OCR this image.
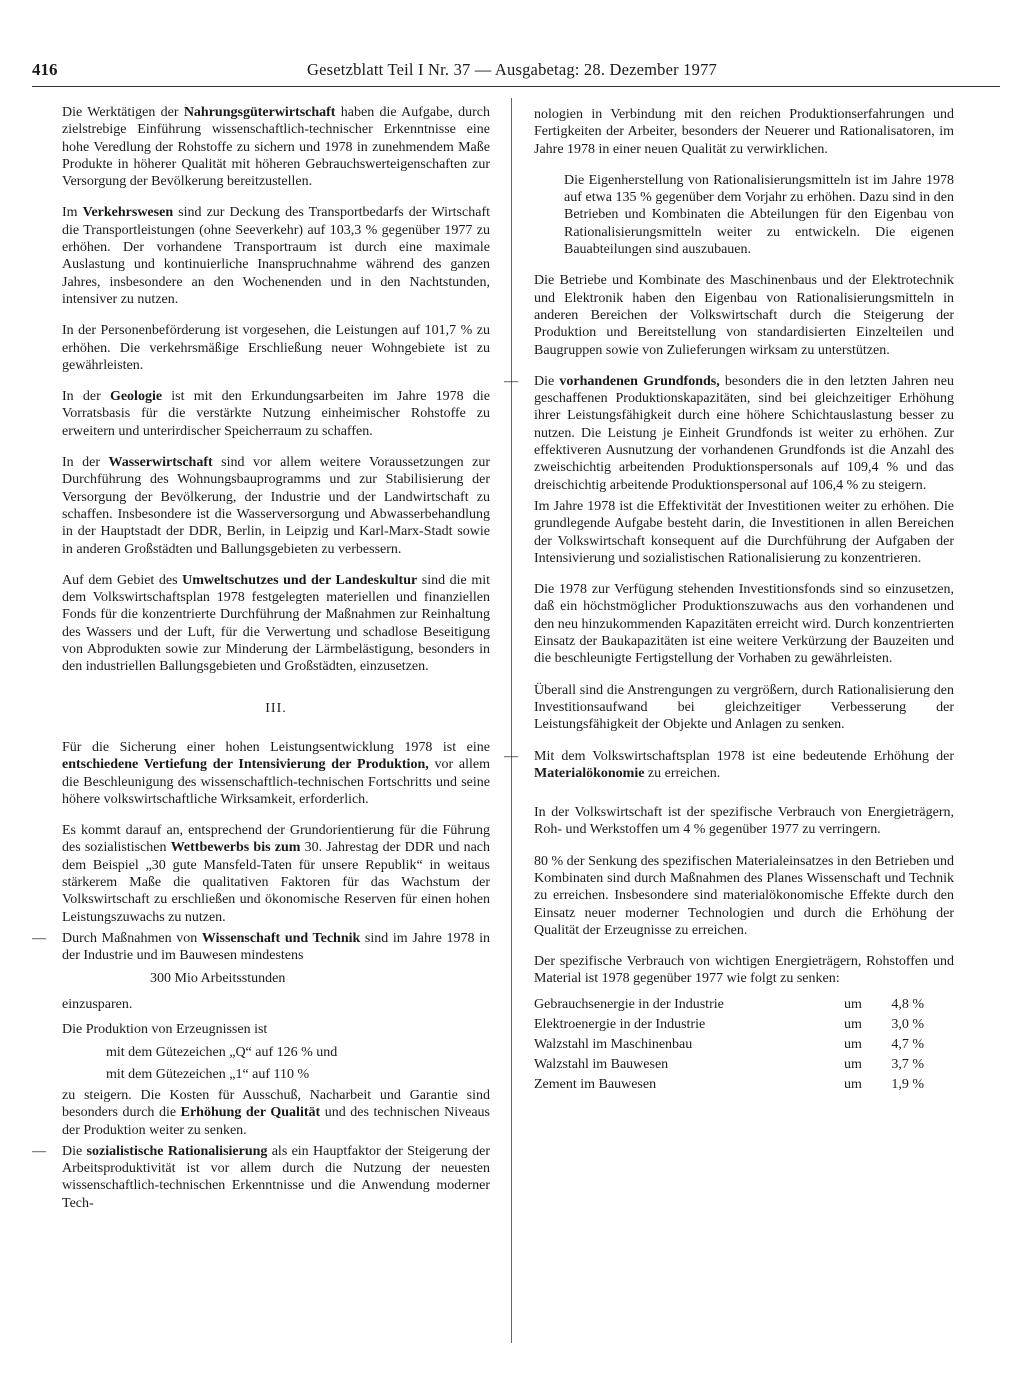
416	Gesetzblatt Teil I Nr. 37 — Ausgabetag: 28. Dezember 1977

Die Werktätigen der Nahrungsgüterwirtschaft haben die Aufgabe, durch zielstrebige Einführung wissenschaftlich-technischer Erkenntnisse eine hohe Veredlung der Rohstoffe zu sichern und 1978 in zunehmendem Maße Produkte in höherer Qualität mit höheren Gebrauchswerteigenschaften zur Versorgung der Bevölkerung bereitzustellen.

Im Verkehrswesen sind zur Deckung des Transportbedarfs der Wirtschaft die Transportleistungen (ohne Seeverkehr) auf 103,3 % gegenüber 1977 zu erhöhen. Der vorhandene Transportraum ist durch eine maximale Auslastung und kontinuierliche Inanspruchnahme während des ganzen Jahres, insbesondere an den Wochenenden und in den Nachtstunden, intensiver zu nutzen.

In der Personenbeförderung ist vorgesehen, die Leistungen auf 101,7 % zu erhöhen. Die verkehrsmäßige Erschließung neuer Wohngebiete ist zu gewährleisten.

In der Geologie ist mit den Erkundungsarbeiten im Jahre 1978 die Vorratsbasis für die verstärkte Nutzung einheimischer Rohstoffe zu erweitern und unterirdischer Speicherraum zu schaffen.

In der Wasserwirtschaft sind vor allem weitere Voraussetzungen zur Durchführung des Wohnungsbauprogramms und zur Stabilisierung der Versorgung der Bevölkerung, der Industrie und der Landwirtschaft zu schaffen. Insbesondere ist die Wasserversorgung und Abwasserbehandlung in der Hauptstadt der DDR, Berlin, in Leipzig und Karl-Marx-Stadt sowie in anderen Großstädten und Ballungsgebieten zu verbessern.

Auf dem Gebiet des Umweltschutzes und der Landeskultur sind die mit dem Volkswirtschaftsplan 1978 festgelegten materiellen und finanziellen Fonds für die konzentrierte Durchführung der Maßnahmen zur Reinhaltung des Wassers und der Luft, für die Verwertung und schadlose Beseitigung von Abprodukten sowie zur Minderung der Lärmbelästigung, besonders in den industriellen Ballungsgebieten und Großstädten, einzusetzen.

III.

Für die Sicherung einer hohen Leistungsentwicklung 1978 ist eine entschiedene Vertiefung der Intensivierung der Produktion, vor allem die Beschleunigung des wissenschaftlich-technischen Fortschritts und seine höhere volkswirtschaftliche Wirksamkeit, erforderlich.

Es kommt darauf an, entsprechend der Grundorientierung für die Führung des sozialistischen Wettbewerbs bis zum 30. Jahrestag der DDR und nach dem Beispiel „30 gute Mansfeld-Taten für unsere Republik“ in weitaus stärkerem Maße die qualitativen Faktoren für das Wachstum der Volkswirtschaft zu erschließen und ökonomische Reserven für einen hohen Leistungszuwachs zu nutzen.

—	Durch Maßnahmen von Wissenschaft und Technik sind im Jahre 1978 in der Industrie und im Bauwesen mindestens

300 Mio Arbeitsstunden

einzusparen.

Die Produktion von Erzeugnissen ist

mit dem Gütezeichen „Q“ auf 126 % und

mit dem Gütezeichen „1“ auf 110 %

zu steigern. Die Kosten für Ausschuß, Nacharbeit und Garantie sind besonders durch die Erhöhung der Qualität und des technischen Niveaus der Produktion weiter zu senken.

—	Die sozialistische Rationalisierung als ein Hauptfaktor der Steigerung der Arbeitsproduktivität ist vor allem durch die Nutzung der neuesten wissenschaftlich-technischen Erkenntnisse und die Anwendung moderner Tech-

nologien in Verbindung mit den reichen Produktionserfahrungen und Fertigkeiten der Arbeiter, besonders der Neuerer und Rationalisatoren, im Jahre 1978 in einer neuen Qualität zu verwirklichen.

Die Eigenherstellung von Rationalisierungsmitteln ist im Jahre 1978 auf etwa 135 % gegenüber dem Vorjahr zu erhöhen. Dazu sind in den Betrieben und Kombinaten die Abteilungen für den Eigenbau von Rationalisierungsmitteln weiter zu entwickeln. Die eigenen Bauabteilungen sind auszubauen.

Die Betriebe und Kombinate des Maschinenbaus und der Elektrotechnik und Elektronik haben den Eigenbau von Rationalisierungsmitteln in anderen Bereichen der Volkswirtschaft durch die Steigerung der Produktion und Bereitstellung von standardisierten Einzelteilen und Baugruppen sowie von Zulieferungen wirksam zu unterstützen.

—	Die vorhandenen Grundfonds, besonders die in den letzten Jahren neu geschaffenen Produktionskapazitäten, sind bei gleichzeitiger Erhöhung ihrer Leistungsfähigkeit durch eine höhere Schichtauslastung besser zu nutzen. Die Leistung je Einheit Grundfonds ist weiter zu erhöhen. Zur effektiveren Ausnutzung der vorhandenen Grundfonds ist die Anzahl des zweischichtig arbeitenden Produktionspersonals auf 109,4 % und das dreischichtig arbeitende Produktionspersonal auf 106,4 % zu steigern.

Im Jahre 1978 ist die Effektivität der Investitionen weiter zu erhöhen. Die grundlegende Aufgabe besteht darin, die Investitionen in allen Bereichen der Volkswirtschaft konsequent auf die Durchführung der Aufgaben der Intensivierung und sozialistischen Rationalisierung zu konzentrieren.

Die 1978 zur Verfügung stehenden Investitionsfonds sind so einzusetzen, daß ein höchstmöglicher Produktionszuwachs aus den vorhandenen und den neu hinzukommenden Kapazitäten erreicht wird. Durch konzentrierten Einsatz der Baukapazitäten ist eine weitere Verkürzung der Bauzeiten und die beschleunigte Fertigstellung der Vorhaben zu gewährleisten.

Überall sind die Anstrengungen zu vergrößern, durch Rationalisierung den Investitionsaufwand bei gleichzeitiger Verbesserung der Leistungsfähigkeit der Objekte und Anlagen zu senken.

—	Mit dem Volkswirtschaftsplan 1978 ist eine bedeutende Erhöhung der Materialökonomie zu erreichen.

In der Volkswirtschaft ist der spezifische Verbrauch von Energieträgern, Roh- und Werkstoffen um 4 % gegenüber 1977 zu verringern.

80 % der Senkung des spezifischen Materialeinsatzes in den Betrieben und Kombinaten sind durch Maßnahmen des Planes Wissenschaft und Technik zu erreichen. Insbesondere sind materialökonomische Effekte durch den Einsatz neuer moderner Technologien und durch die Erhöhung der Qualität der Erzeugnisse zu erreichen.

Der spezifische Verbrauch von wichtigen Energieträgern, Rohstoffen und Material ist 1978 gegenüber 1977 wie folgt zu senken:

Gebrauchsenergie in der Industrie	um	4,8 %
Elektroenergie in der Industrie	um	3,0 %
Walzstahl im Maschinenbau	um	4,7 %
Walzstahl im Bauwesen	um	3,7 %
Zement im Bauwesen	um	1,9 %
